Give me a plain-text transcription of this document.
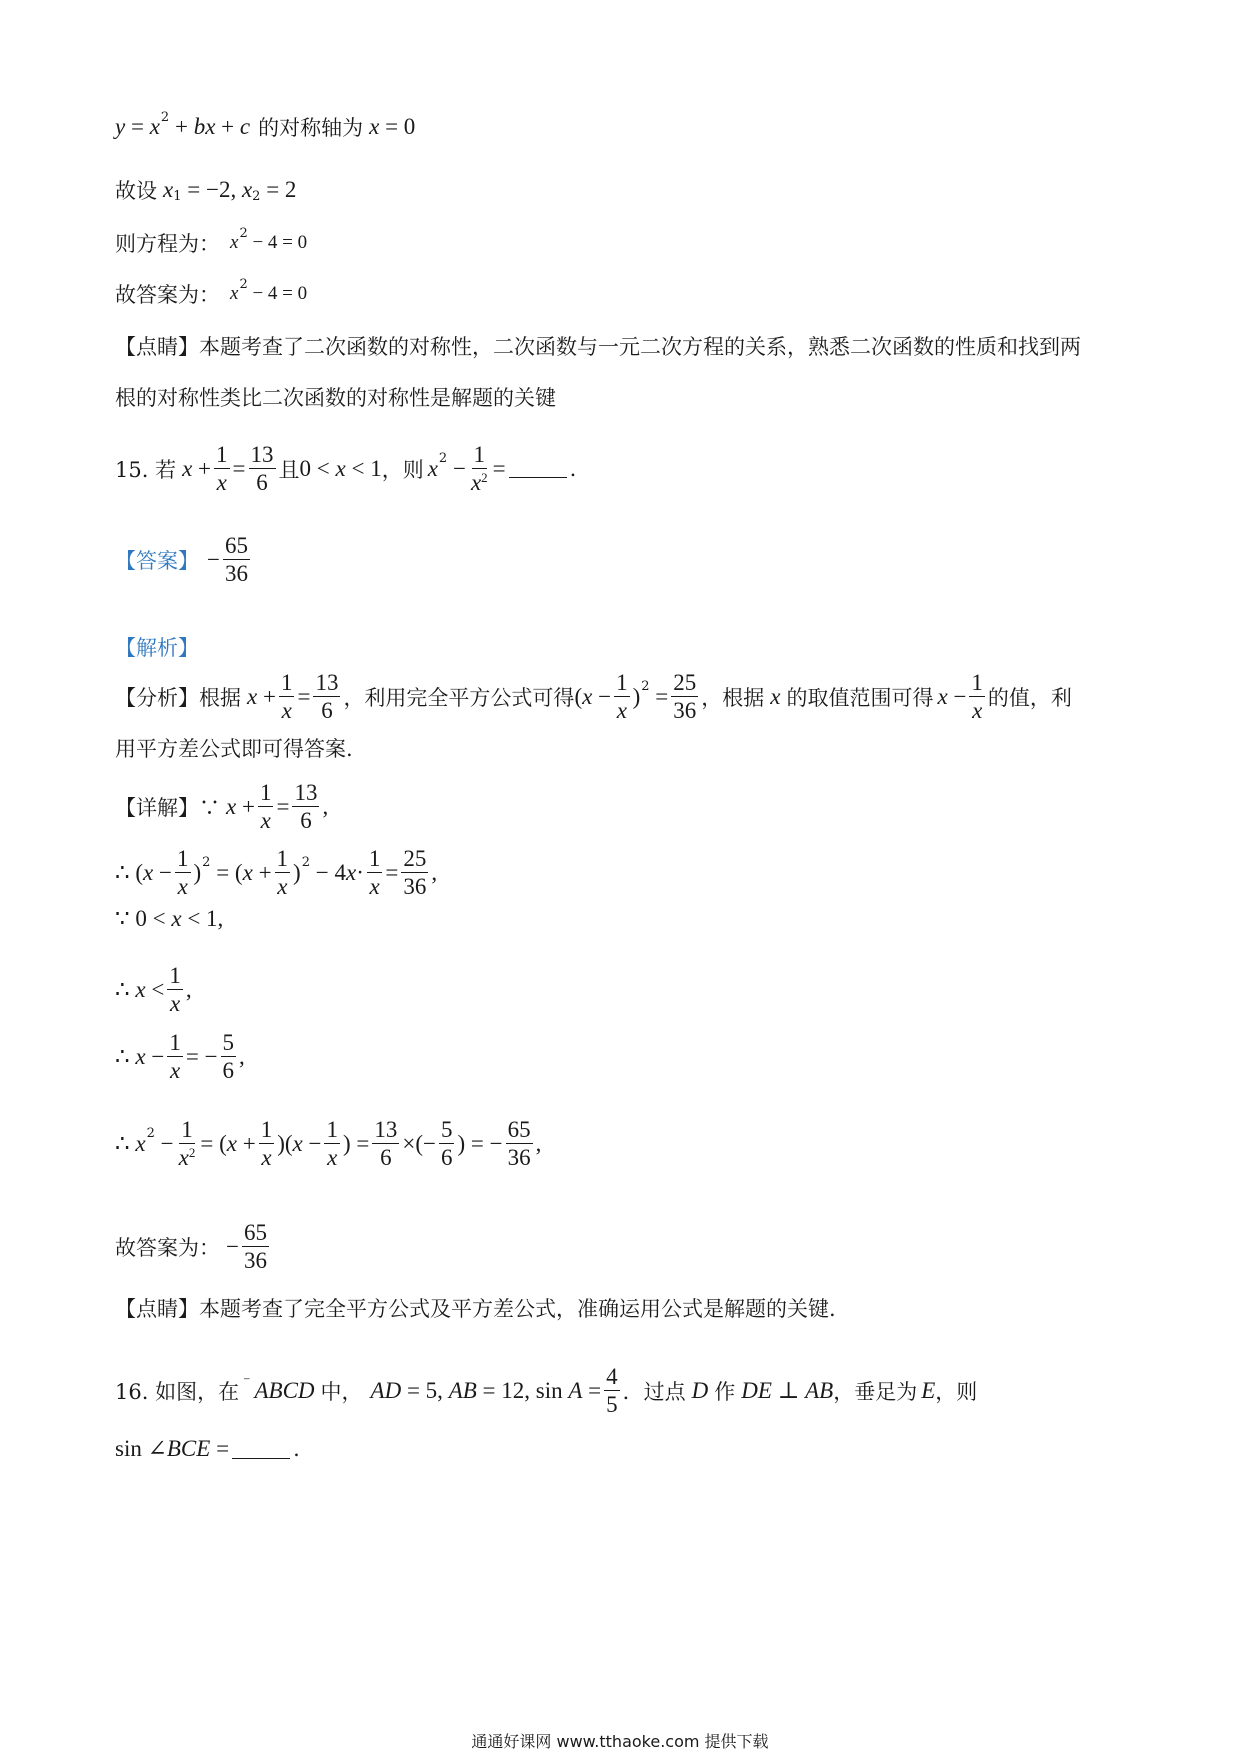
y = x 2 + bx + c 的对称轴为 x = 0
故设 x 1 = −2, x 2 = 2
则方程为： x 2 − 4 = 0
故答案为： x 2 − 4 = 0
【点睛】本题考查了二次函数的对称性，二次函数与一元二次方程的关系，熟悉二次函数的性质和找到两
根的对称性类比二次函数的对称性是解题的关键
15. 若 $x + \frac{1}{x} = \frac{13}{6}$ 且 0 < x < 1 ，则 x $2 - \frac{1}{x^2}$ =	.
【答案】 − $\frac{65}{36}$
【解析】
【分析】根据 $x + \frac{1}{x} = \frac{13}{6}$ ，利用完全平方公式可得 ( $x - \frac{1}{x}$ ) $2 = \frac{25}{36}$ ，根据 x 的取值范围可得 $x - \frac{1}{x}$ 的值，利
用平方差公式即可得答案.
【详解】∵ $x + \frac{1}{x} = \frac{13}{6}$ ,
∴ ( $x - \frac{1}{x}$ ) 2 = ( $x + \frac{1}{x}$ ) 2 − 4 $x \cdot \frac{1}{x} = \frac{25}{36}$ ,
∵ 0 < x < 1,
∴ $x < \frac{1}{x}$ ,
∴ $x - \frac{1}{x}$ = − $\frac{5}{6}$ ,
∴ x $2 - \frac{1}{x^2}$ = ( $x + \frac{1}{x}$ )( $x - \frac{1}{x}$ ) = $\frac{13}{6}$ ×(− $\frac{5}{6}$ ) = − $\frac{65}{36}$ ,
故答案为： − $\frac{65}{36}$
【点睛】本题考查了完全平方公式及平方差公式，准确运用公式是解题的关键.
16. 如图，在 ⁻ ABCD 中， AD = 5, AB = 12, $\sin A = \frac{4}{5}$ ．过点 D 作 DE ⊥ AB ，垂足为 E ，则
sin ∠ BCE =	.
通通好课网 www.tthaoke.com 提供下载
